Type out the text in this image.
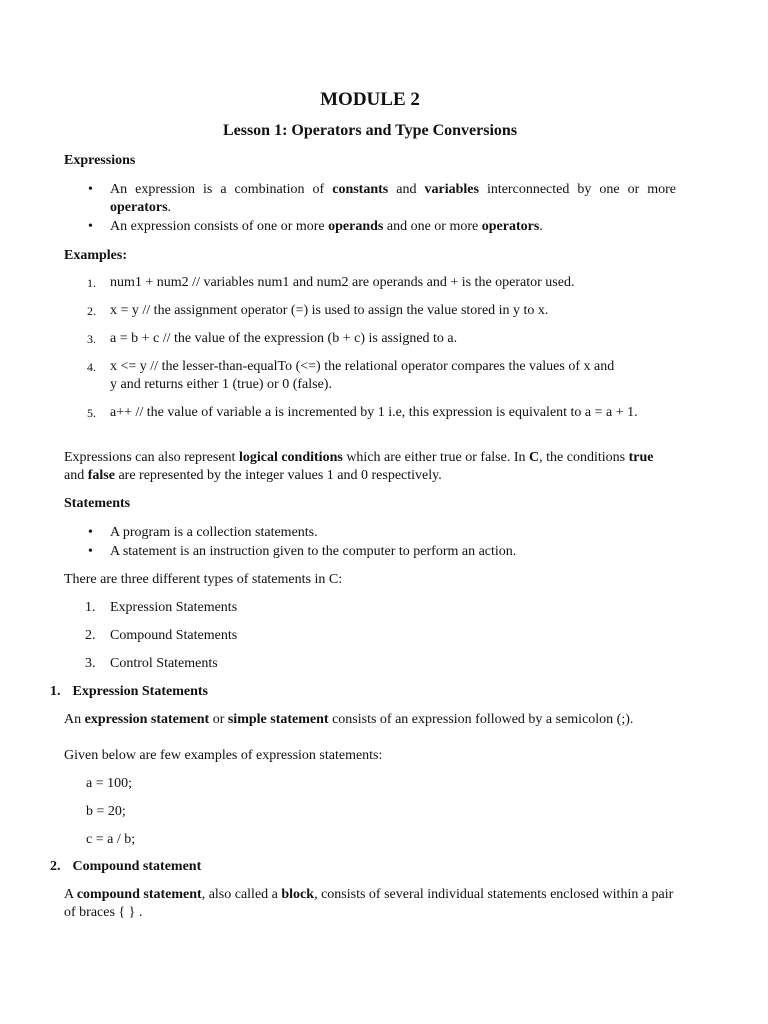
MODULE 2
Lesson 1: Operators and Type Conversions
Expressions
• An expression is a combination of constants and variables interconnected by one or more operators.
• An expression consists of one or more operands and one or more operators.
Examples:
1. num1 + num2 // variables num1 and num2 are operands and + is the operator used.
2. x = y // the assignment operator (=) is used to assign the value stored in y to x.
3. a = b + c // the value of the expression (b + c) is assigned to a.
4. x <= y // the lesser-than-equalTo (<=) the relational operator compares the values of x and y and returns either 1 (true) or 0 (false).
5. a++ // the value of variable a is incremented by 1 i.e, this expression is equivalent to a = a + 1.
Expressions can also represent logical conditions which are either true or false. In C, the conditions true and false are represented by the integer values 1 and 0 respectively.
Statements
• A program is a collection statements.
• A statement is an instruction given to the computer to perform an action.
There are three different types of statements in C:
1. Expression Statements
2. Compound Statements
3. Control Statements
1. Expression Statements
An expression statement or simple statement consists of an expression followed by a semicolon (;).
Given below are few examples of expression statements:
a = 100;
b = 20;
c = a / b;
2. Compound statement
A compound statement, also called a block, consists of several individual statements enclosed within a pair of braces { } .
